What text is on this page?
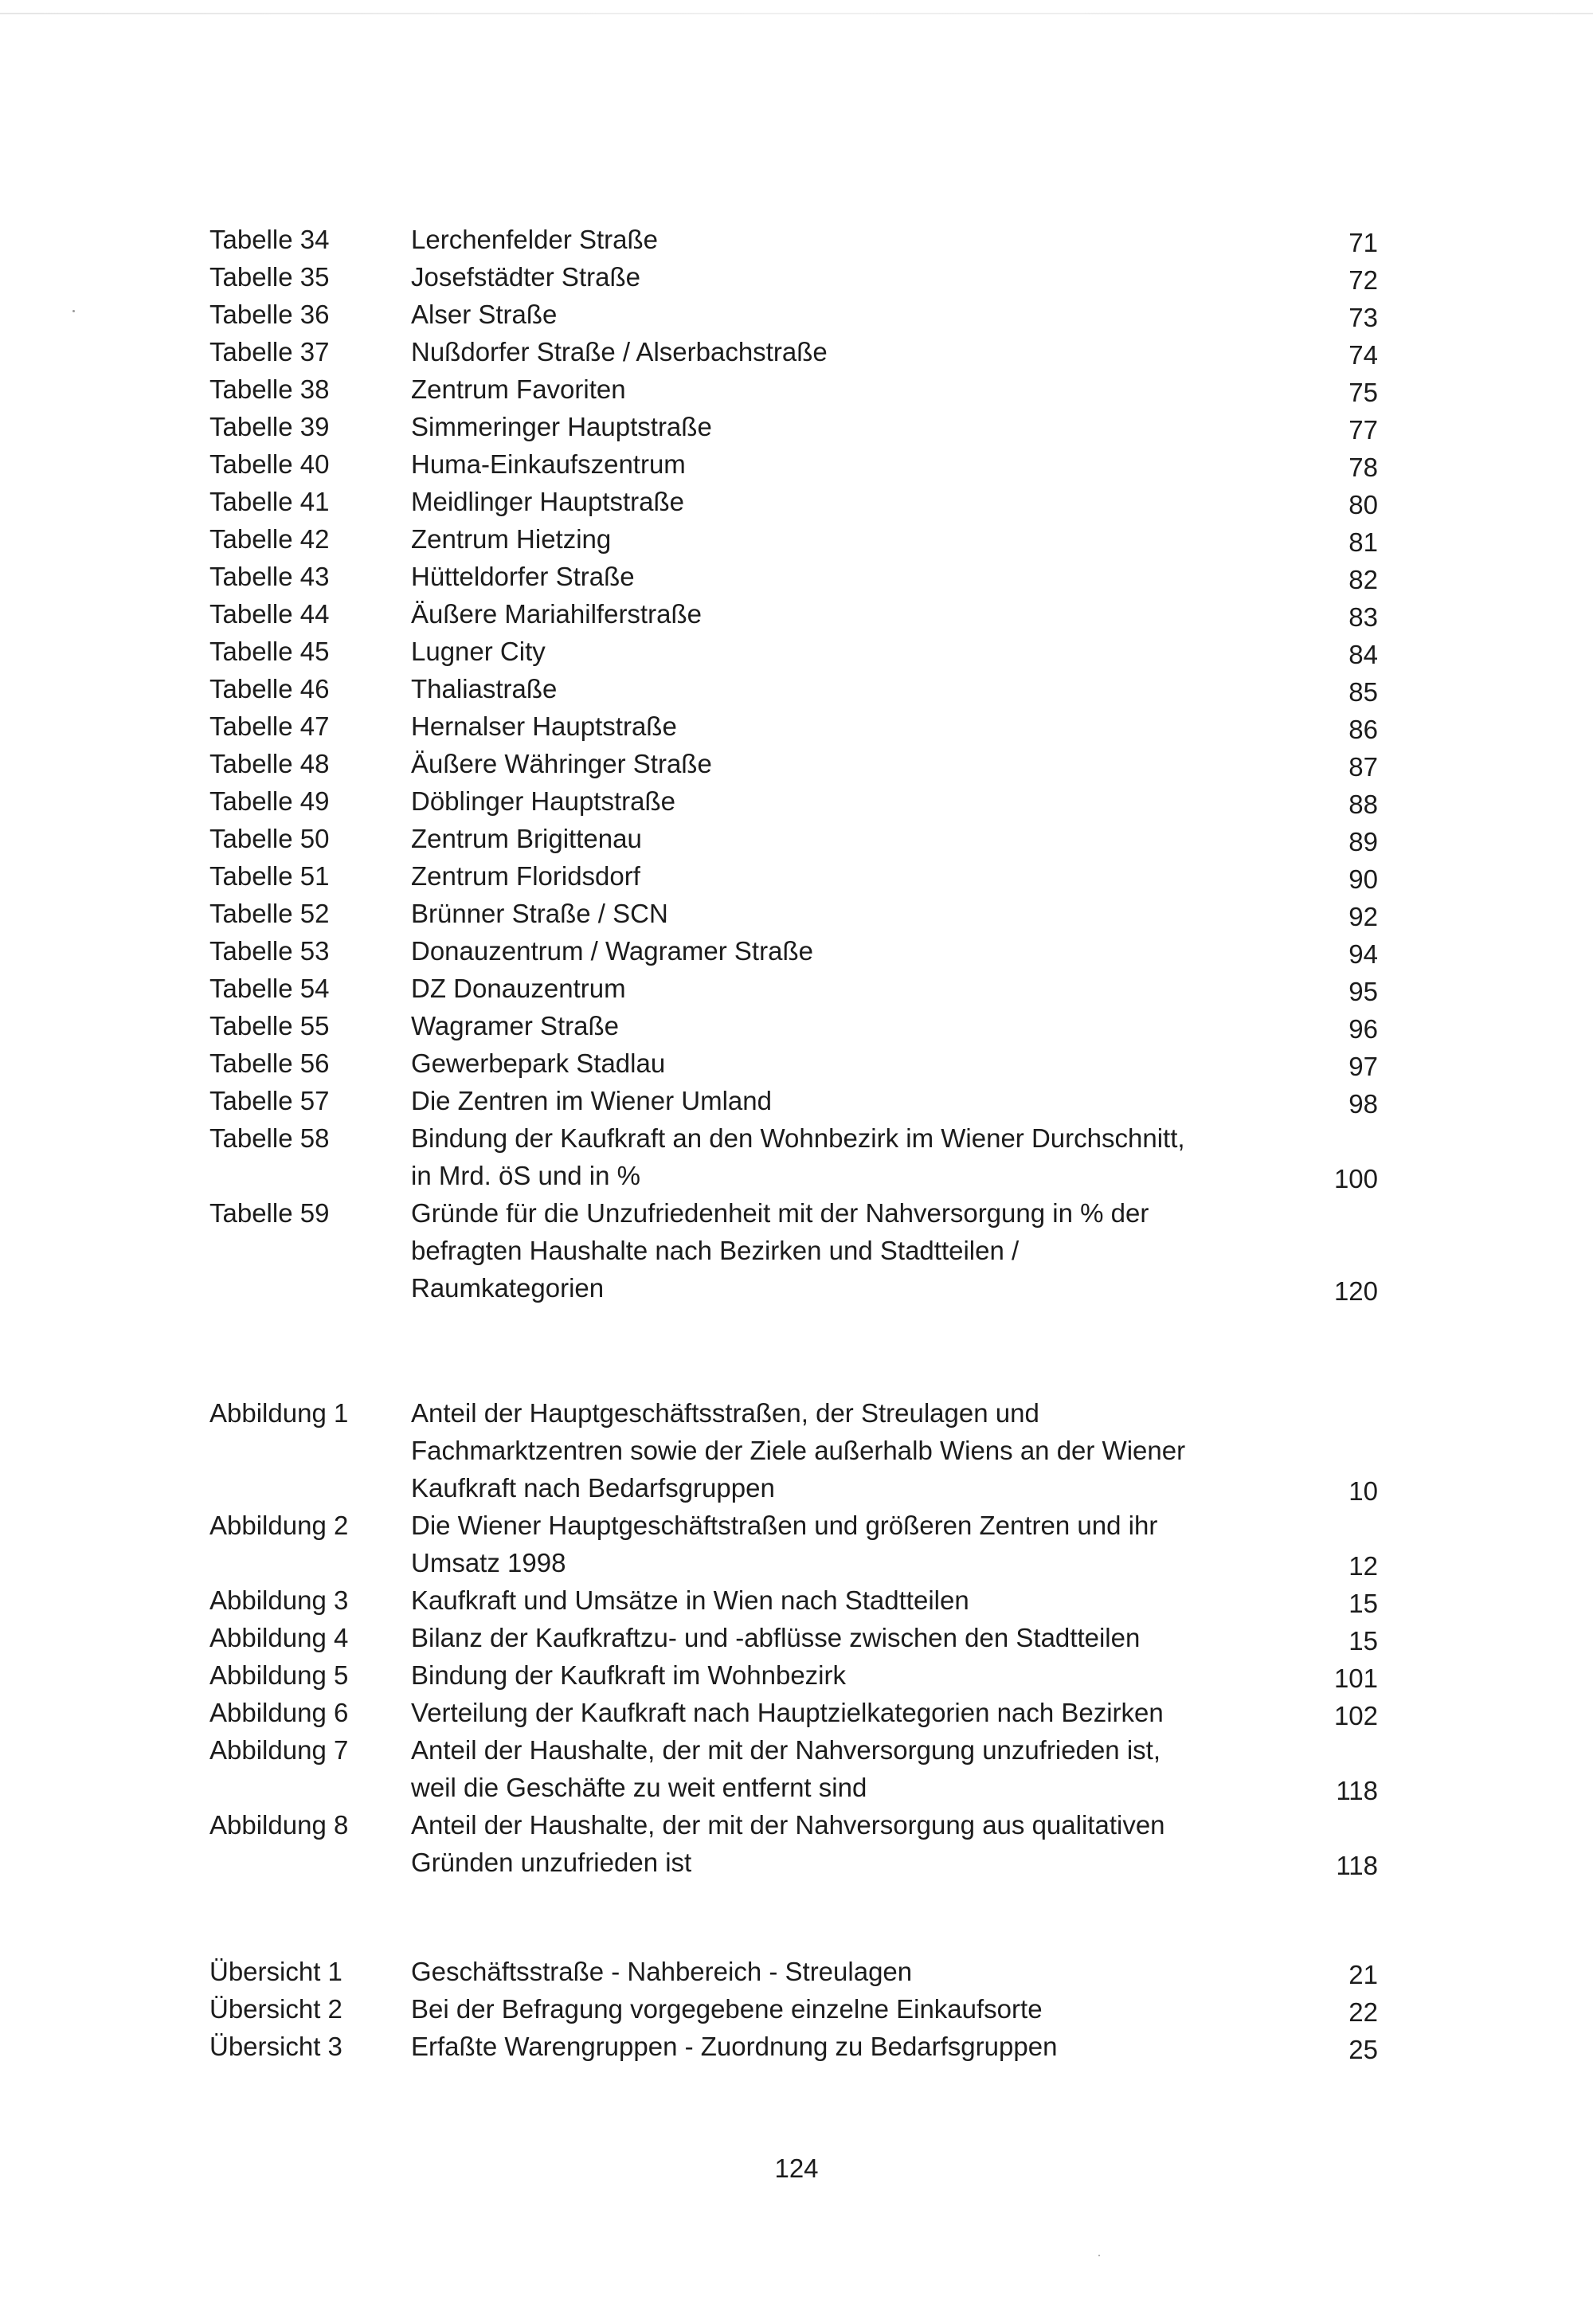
Tabelle 34	Lerchenfelder Straße	71
Tabelle 35	Josefstädter Straße	72
Tabelle 36	Alser Straße	73
Tabelle 37	Nußdorfer Straße / Alserbachstraße	74
Tabelle 38	Zentrum Favoriten	75
Tabelle 39	Simmeringer Hauptstraße	77
Tabelle 40	Huma-Einkaufszentrum	78
Tabelle 41	Meidlinger Hauptstraße	80
Tabelle 42	Zentrum Hietzing	81
Tabelle 43	Hütteldorfer Straße	82
Tabelle 44	Äußere Mariahilferstraße	83
Tabelle 45	Lugner City	84
Tabelle 46	Thaliastraße	85
Tabelle 47	Hernalser Hauptstraße	86
Tabelle 48	Äußere Währinger Straße	87
Tabelle 49	Döblinger Hauptstraße	88
Tabelle 50	Zentrum Brigittenau	89
Tabelle 51	Zentrum Floridsdorf	90
Tabelle 52	Brünner Straße / SCN	92
Tabelle 53	Donauzentrum / Wagramer Straße	94
Tabelle 54	DZ Donauzentrum	95
Tabelle 55	Wagramer Straße	96
Tabelle 56	Gewerbepark Stadlau	97
Tabelle 57	Die Zentren im Wiener Umland	98
Tabelle 58	Bindung der Kaufkraft an den Wohnbezirk im Wiener Durchschnitt,
in Mrd. öS und in %	100
Tabelle 59	Gründe für die Unzufriedenheit mit der Nahversorgung in % der
befragten Haushalte nach Bezirken und Stadtteilen /
Raumkategorien	120
Abbildung 1 Anteil der Hauptgeschäftsstraßen, der Streulagen und
Fachmarktzentren sowie der Ziele außerhalb Wiens an der Wiener
Kaufkraft nach Bedarfsgruppen	10
Abbildung 2 Die Wiener Hauptgeschäftstraßen und größeren Zentren und ihr
Umsatz 1998	12
Abbildung 3 Kaufkraft und Umsätze in Wien nach Stadtteilen	15
Abbildung 4 Bilanz der Kaufkraftzu- und -abflüsse zwischen den Stadtteilen	15
Abbildung 5 Bindung der Kaufkraft im Wohnbezirk	101
Abbildung 6 Verteilung der Kaufkraft nach Hauptzielkategorien nach Bezirken	102
Abbildung 7 Anteil der Haushalte, der mit der Nahversorgung unzufrieden ist,
weil die Geschäfte zu weit entfernt sind	118
Abbildung 8 Anteil der Haushalte, der mit der Nahversorgung aus qualitativen
Gründen unzufrieden ist	118
Übersicht 1	Geschäftsstraße - Nahbereich - Streulagen	21
Übersicht 2	Bei der Befragung vorgegebene einzelne Einkaufsorte	22
Übersicht 3	Erfaßte Warengruppen - Zuordnung zu Bedarfsgruppen	25
124
